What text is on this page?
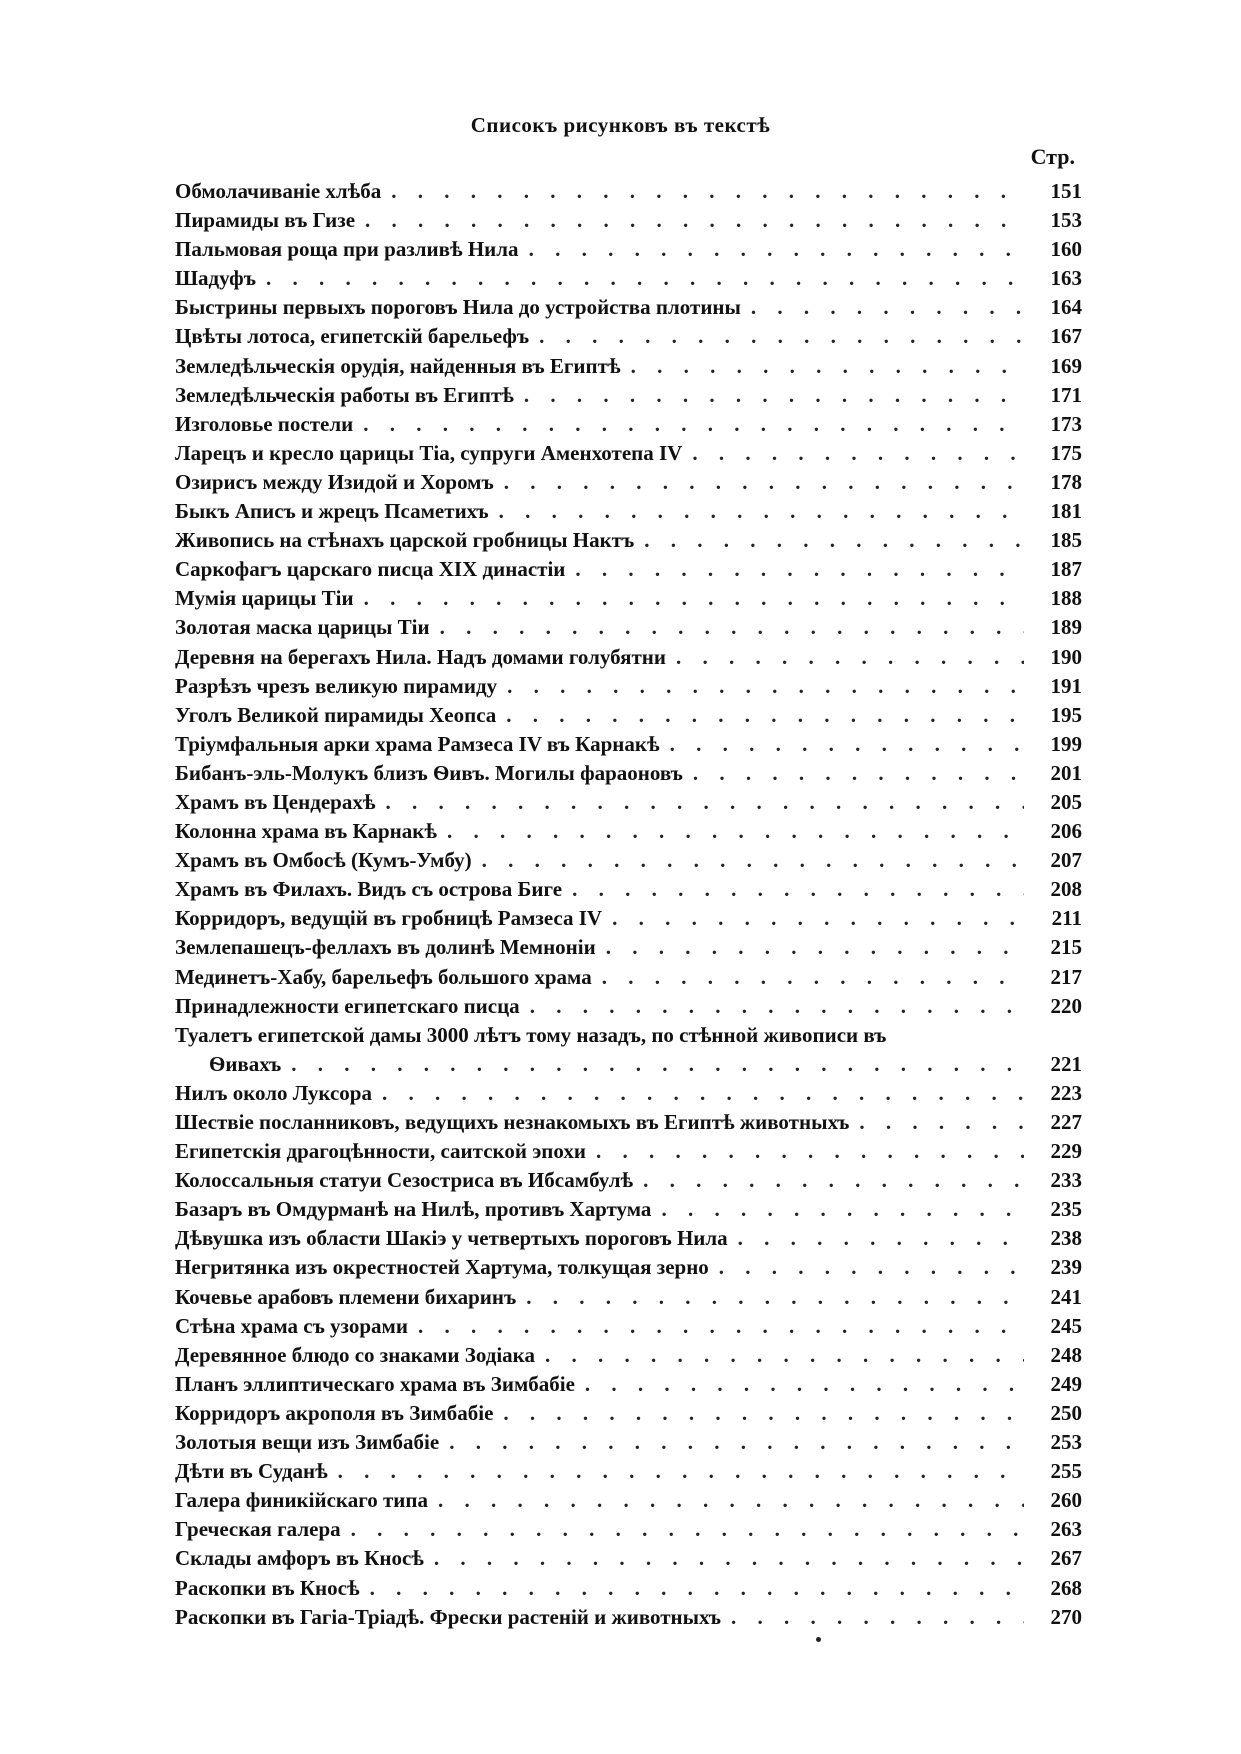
Списокъ рисунковъ въ текстѣ
Стр.
Обмолачиваніе хлѣба . . .	151
Пирамиды въ Гизе . . .	153
Пальмовая роща при разливѣ Нила . . .	160
Шадуфъ . . .	163
Быстрины первыхъ пороговъ Нила до устройства плотины . . .	164
Цвѣты лотоса, египетскій барельефъ . . .	167
Земледѣльческія орудія, найденныя въ Египтѣ . . .	169
Земледѣльческія работы въ Египтѣ . . .	171
Изголовье постели . . .	173
Ларецъ и кресло царицы Тіа, супруги Аменхотепа IV . . .	175
Озирисъ между Изидой и Хоромъ . . .	178
Быкъ Аписъ и жрецъ Псаметихъ . . .	181
Живопись на стѣнахъ царской гробницы Нактъ . . .	185
Саркофагъ царскаго писца XIX династіи . . .	187
Мумія царицы Тіи . . .	188
Золотая маска царицы Тіи . . .	189
Деревня на берегахъ Нила. Надъ домами голубятни . . .	190
Разрѣзъ чрезъ великую пирамиду . . .	191
Уголъ Великой пирамиды Хеопса . . .	195
Тріумфальныя арки храма Рамзеса IV въ Карнакѣ . . .	199
Бибанъ-эль-Молукъ близъ Ѳивъ. Могилы фараоновъ . . .	201
Храмъ въ Цендерахѣ . . .	205
Колонна храма въ Карнакѣ . . .	206
Храмъ въ Омбосѣ (Кумъ-Умбу) . . .	207
Храмъ въ Филахъ. Видъ съ острова Биге . . .	208
Корридоръ, ведущій въ гробницѣ Рамзеса IV . . .	211
Землепашецъ-феллахъ въ долинѣ Мемноніи . . .	215
Мединетъ-Хабу, барельефъ большого храма . . .	217
Принадлежности египетскаго писца . . .	220
Туалетъ египетской дамы 3000 лѣтъ тому назадъ, по стѣнной живописи въ
Ѳивахъ . . .	221
Нилъ около Луксора . . .	223
Шествіе посланниковъ, ведущихъ незнакомыхъ въ Египтѣ животныхъ . . .	227
Египетскія драгоцѣнности, саитской эпохи . . .	229
Колоссальныя статуи Сезостриса въ Ибсамбулѣ . . .	233
Базаръ въ Омдурманѣ на Нилѣ, противъ Хартума . . .	235
Дѣвушка изъ области Шакіэ у четвертыхъ пороговъ Нила . . .	238
Негритянка изъ окрестностей Хартума, толкущая зерно . . .	239
Кочевье арабовъ племени бихаринъ . . .	241
Стѣна храма съ узорами . . .	245
Деревянное блюдо со знаками Зодіака . . .	248
Планъ эллиптическаго храма въ Зимбабіе . . .	249
Корридоръ акрополя въ Зимбабіе . . .	250
Золотыя вещи изъ Зимбабіе . . .	253
Дѣти въ Суданѣ . . .	255
Галера финикійскаго типа . . .	260
Греческая галера . . .	263
Склады амфоръ въ Кносѣ . . .	267
Раскопки въ Кносѣ . . .	268
Раскопки въ Гагіа-Тріадѣ. Фрески растеній и животныхъ . . .	270
